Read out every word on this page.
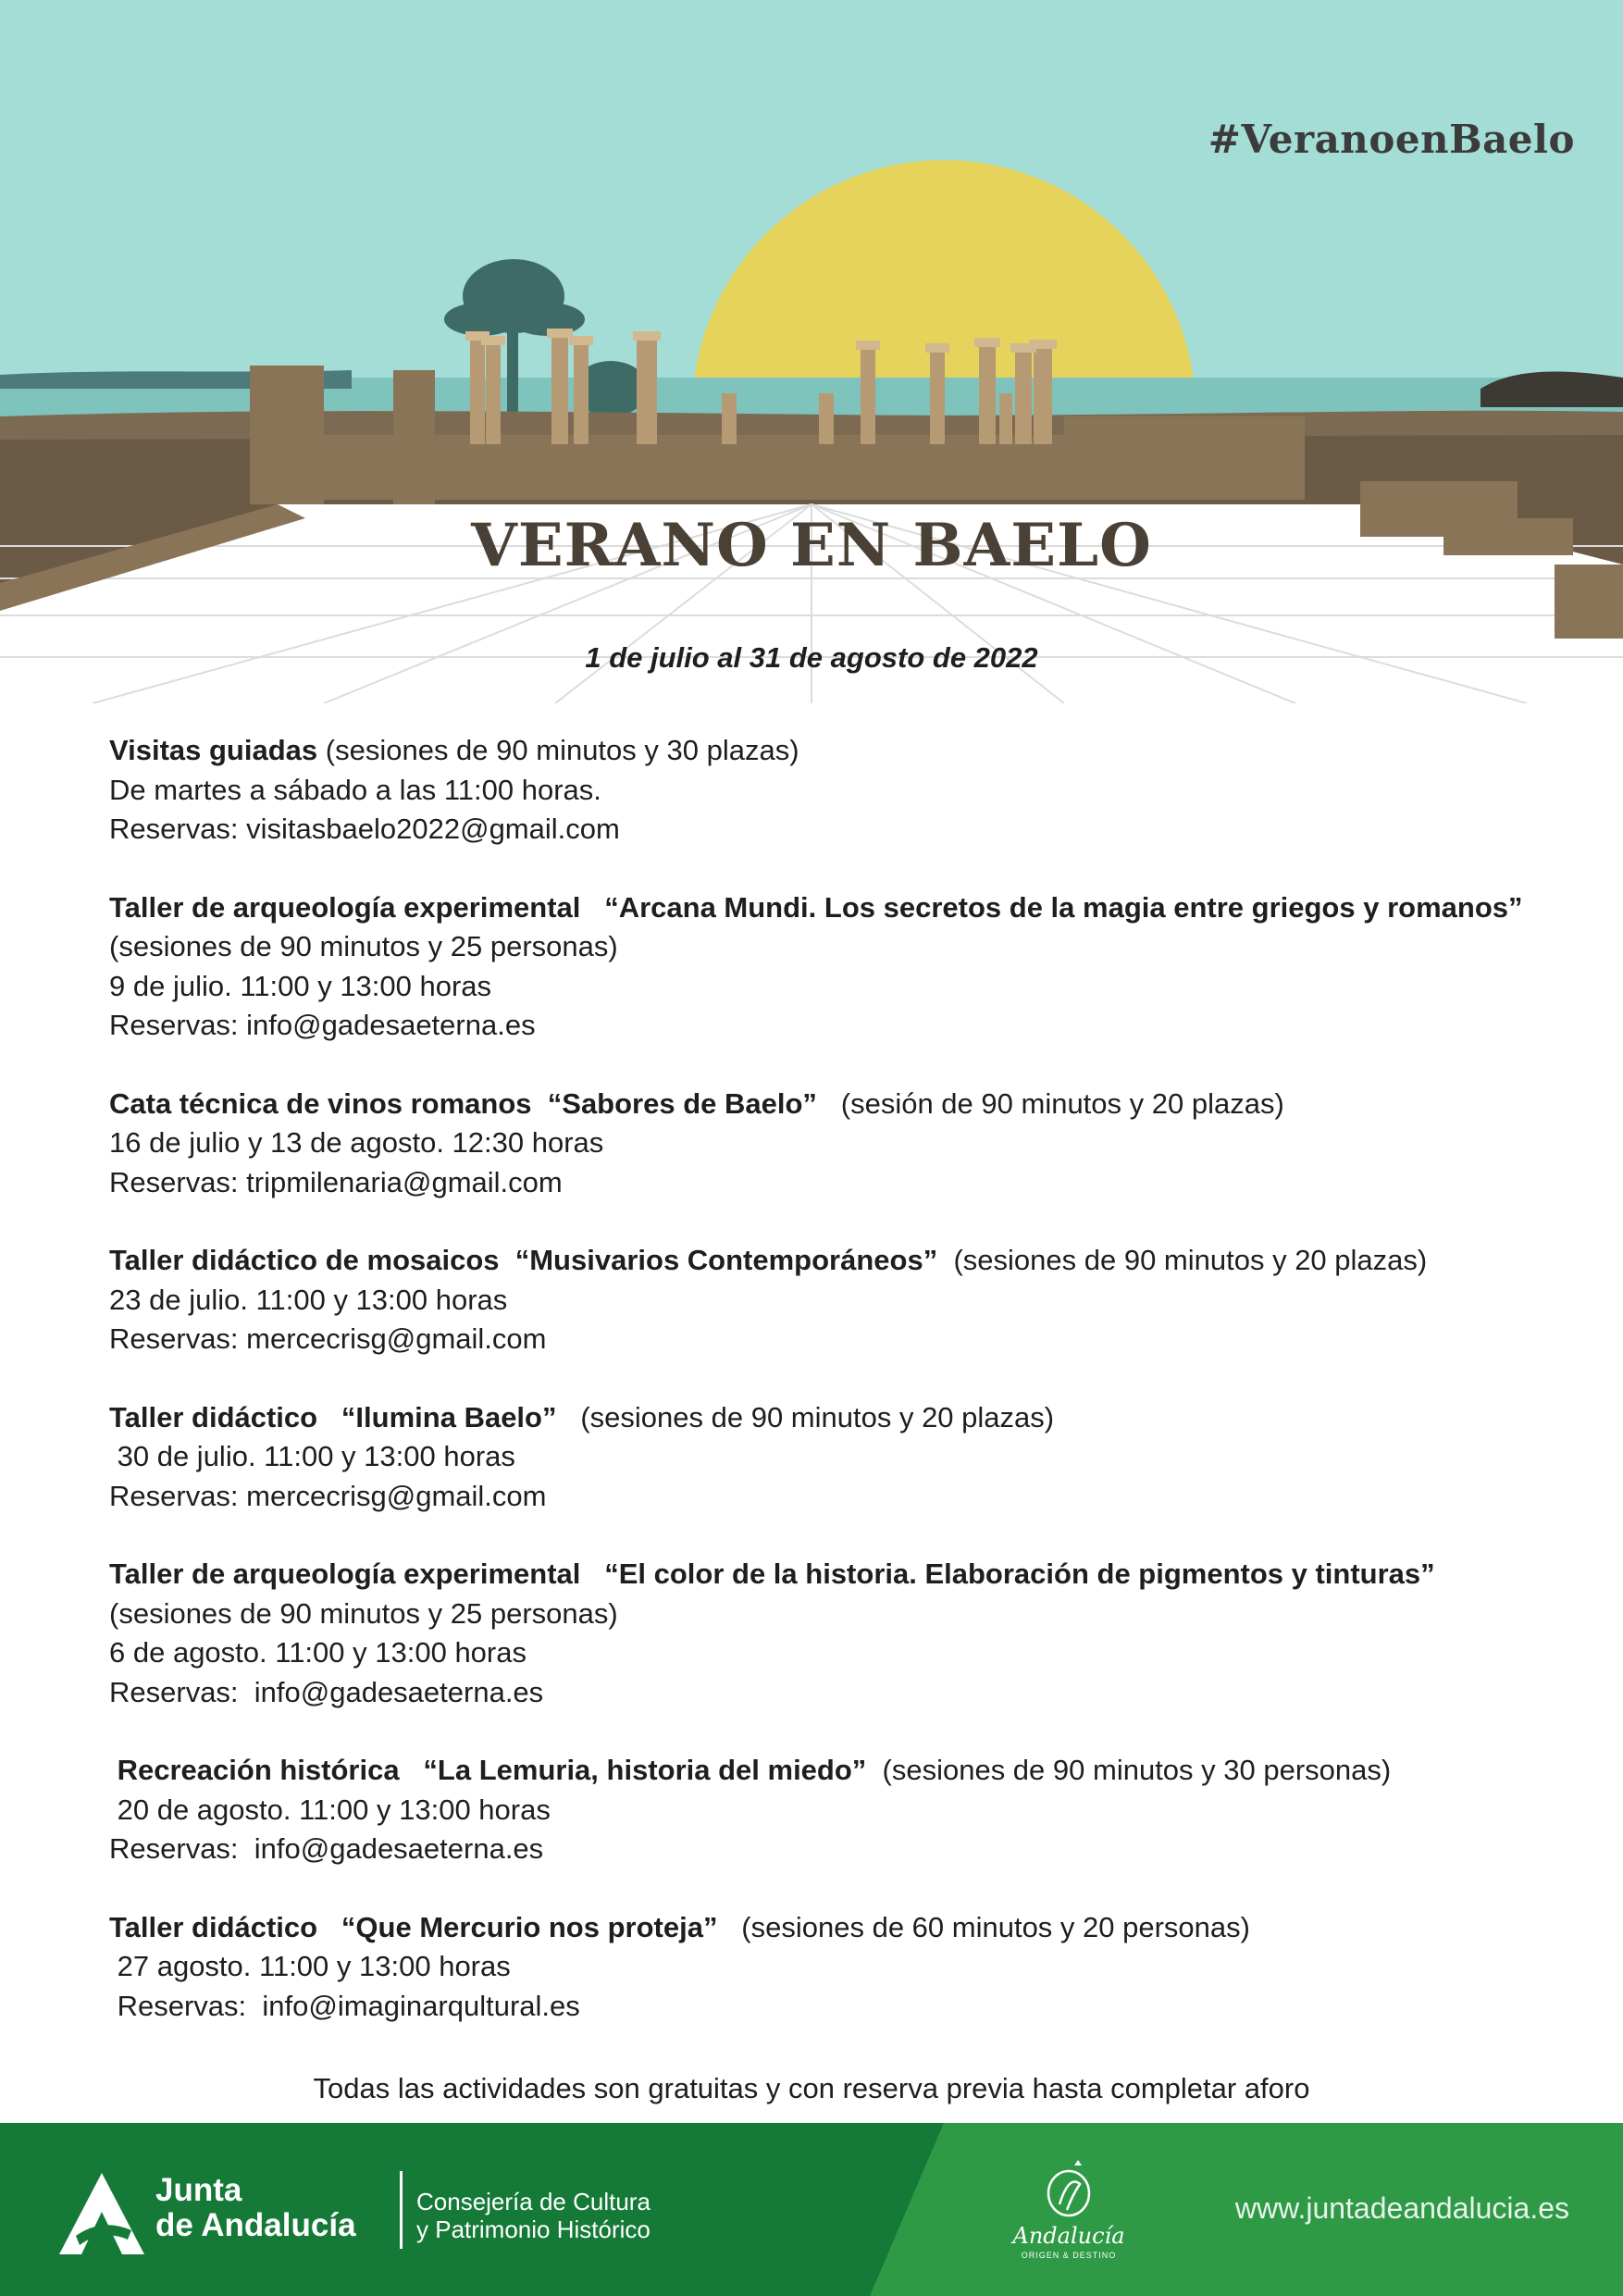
#VeranoenBaelo
VERANO EN BAELO
1 de julio al 31 de agosto de 2022
Visitas guiadas (sesiones de 90 minutos y 30 plazas)
De martes a sábado a las 11:00 horas.
Reservas: visitasbaelo2022@gmail.com
Taller de arqueología experimental   “Arcana Mundi. Los secretos de la magia entre griegos y romanos”
(sesiones de 90 minutos y 25 personas)
9 de julio. 11:00 y 13:00 horas
Reservas: info@gadesaeterna.es
Cata técnica de vinos romanos  “Sabores de Baelo”   (sesión de 90 minutos y 20 plazas)
16 de julio y 13 de agosto. 12:30 horas
Reservas: tripmilenaria@gmail.com
Taller didáctico de mosaicos  “Musivarios Contemporáneos”  (sesiones de 90 minutos y 20 plazas)
23 de julio. 11:00 y 13:00 horas
Reservas: mercecrisg@gmail.com
Taller didáctico   “Ilumina Baelo”   (sesiones de 90 minutos y 20 plazas)
30 de julio. 11:00 y 13:00 horas
Reservas: mercecrisg@gmail.com
Taller de arqueología experimental   “El color de la historia. Elaboración de pigmentos y tinturas”
(sesiones de 90 minutos y 25 personas)
6 de agosto. 11:00 y 13:00 horas
Reservas:  info@gadesaeterna.es
Recreación histórica   “La Lemuria, historia del miedo”  (sesiones de 90 minutos y 30 personas)
20 de agosto. 11:00 y 13:00 horas
Reservas:  info@gadesaeterna.es
Taller didáctico   “Que Mercurio nos proteja”   (sesiones de 60 minutos y 20 personas)
27 agosto. 11:00 y 13:00 horas
Reservas:  info@imaginarqultural.es
Todas las actividades son gratuitas y con reserva previa hasta completar aforo
Junta
de Andalucía
Consejería de Cultura
y Patrimonio Histórico	Andalucía
ORIGEN & DESTINO
www.juntadeandalucia.es
